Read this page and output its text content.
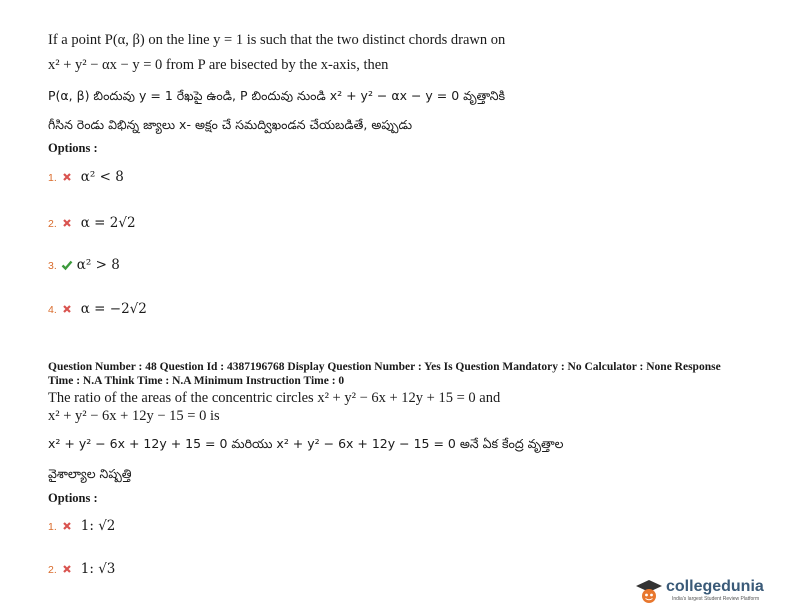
If a point P(α, β) on the line y = 1 is such that the two distinct chords drawn on
x² + y² − αx − y = 0 from P are bisected by the x-axis, then
P(α, β) బిందువు y = 1 రేఖపై ఉండి, P బిందువు నుండి x² + y² − αx − y = 0 వృత్తానికి
గీసిన రెండు విభిన్న జ్యాలు x- అక్షం చే సమద్విఖండన చేయబడితే, అప్పుడు
Options :
1. α² < 8
2. α = 2√2
3. α² > 8
4. α = −2√2
Question Number : 48 Question Id : 4387196768 Display Question Number : Yes Is Question Mandatory : No Calculator : None Response
Time : N.A Think Time : N.A Minimum Instruction Time : 0
The ratio of the areas of the concentric circles x² + y² − 6x + 12y + 15 = 0 and
x² + y² − 6x + 12y − 15 = 0 is
x² + y² − 6x + 12y + 15 = 0 మరియు x² + y² − 6x + 12y − 15 = 0 అనే ఏక కేంద్ర వృత్తాల
వైశాల్యాల నిష్పత్తి
Options :
1. 1: √2
2. 1: √3
collegedunia
India's largest Student Review Platform
